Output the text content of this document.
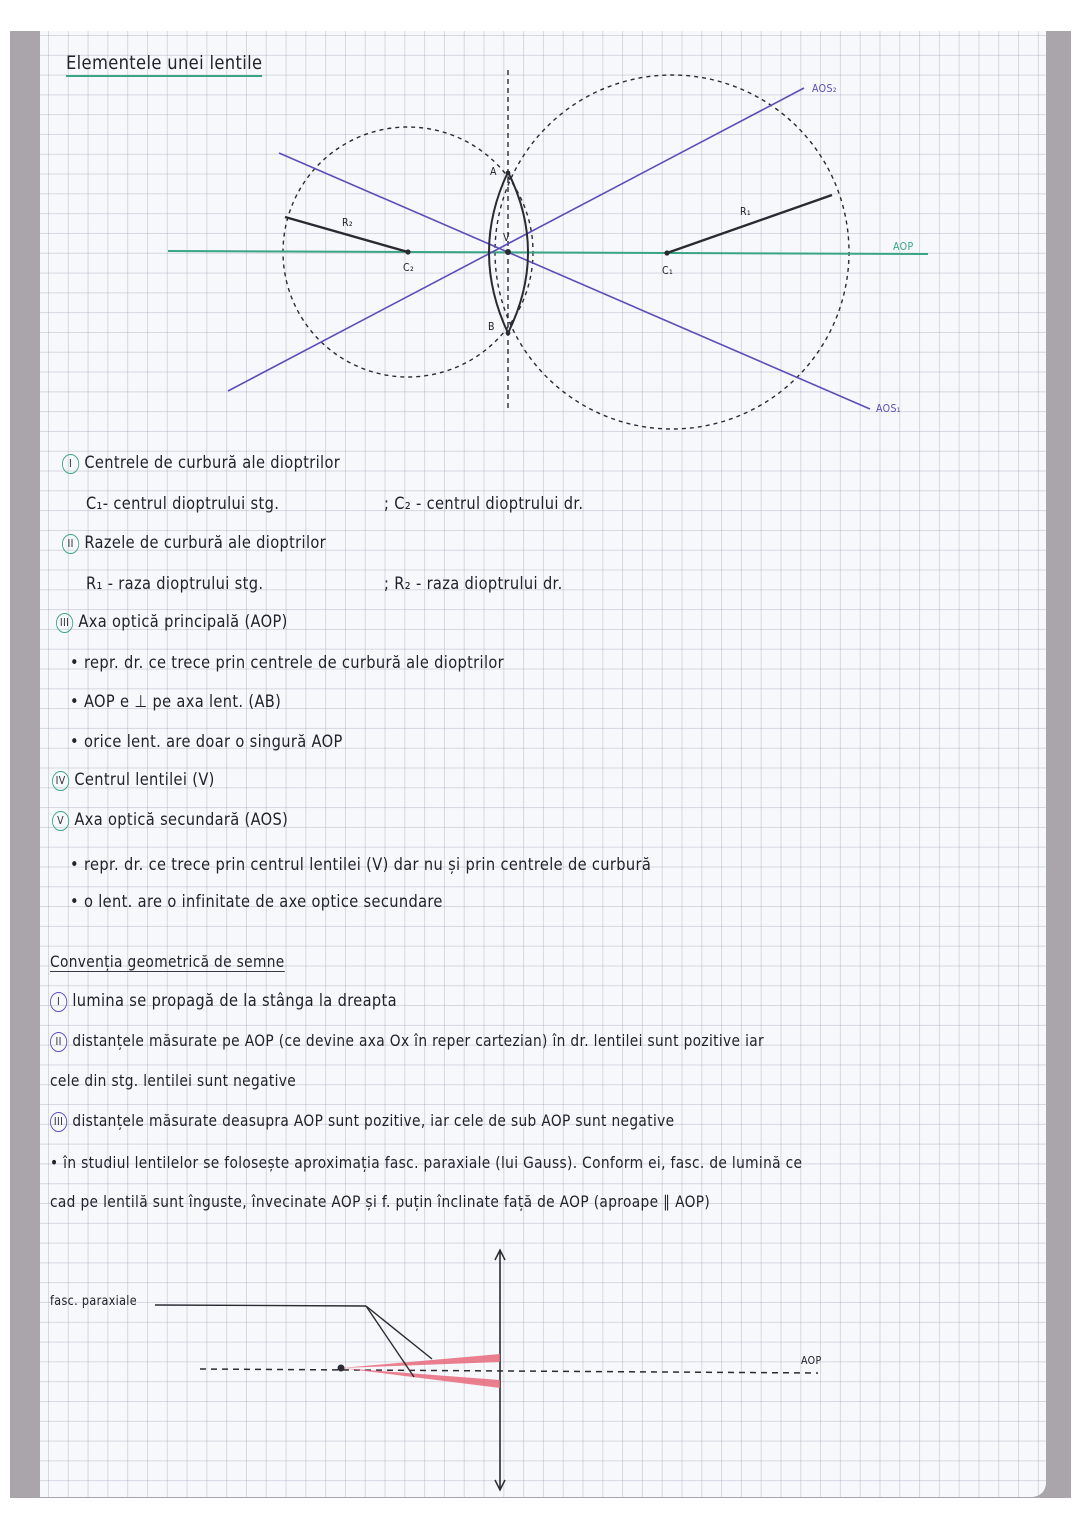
Elementele unei lentile
A
B
V
C₂	C₁
R₂
R₁
AOP
AOS₁
AOS₂
I Centrele de curbură ale dioptrilor
C₁- centrul dioptrului stg.	; C₂ - centrul dioptrului dr.
II Razele de curbură ale dioptrilor
R₁ - raza dioptrului stg.	; R₂ - raza dioptrului dr.
III Axa optică principală (AOP)
• repr. dr. ce trece prin centrele de curbură ale dioptrilor
• AOP e ⊥ pe axa lent. (AB)
• orice lent. are doar o singură AOP
IV Centrul lentilei (V)
V Axa optică secundară (AOS)
• repr. dr. ce trece prin centrul lentilei (V) dar nu și prin centrele de curbură
• o lent. are o infinitate de axe optice secundare
Convenția geometrică de semne
I lumina se propagă de la stânga la dreapta
II distanțele măsurate pe AOP (ce devine axa Ox în reper cartezian) în dr. lentilei sunt pozitive iar
cele din stg. lentilei sunt negative
III distanțele măsurate deasupra AOP sunt pozitive, iar cele de sub AOP sunt negative
• în studiul lentilelor se folosește aproximația fasc. paraxiale (lui Gauss). Conform ei, fasc. de lumină ce
cad pe lentilă sunt înguste, învecinate AOP și f. puțin înclinate față de AOP (aproape ∥ AOP)
fasc. paraxiale
AOP
